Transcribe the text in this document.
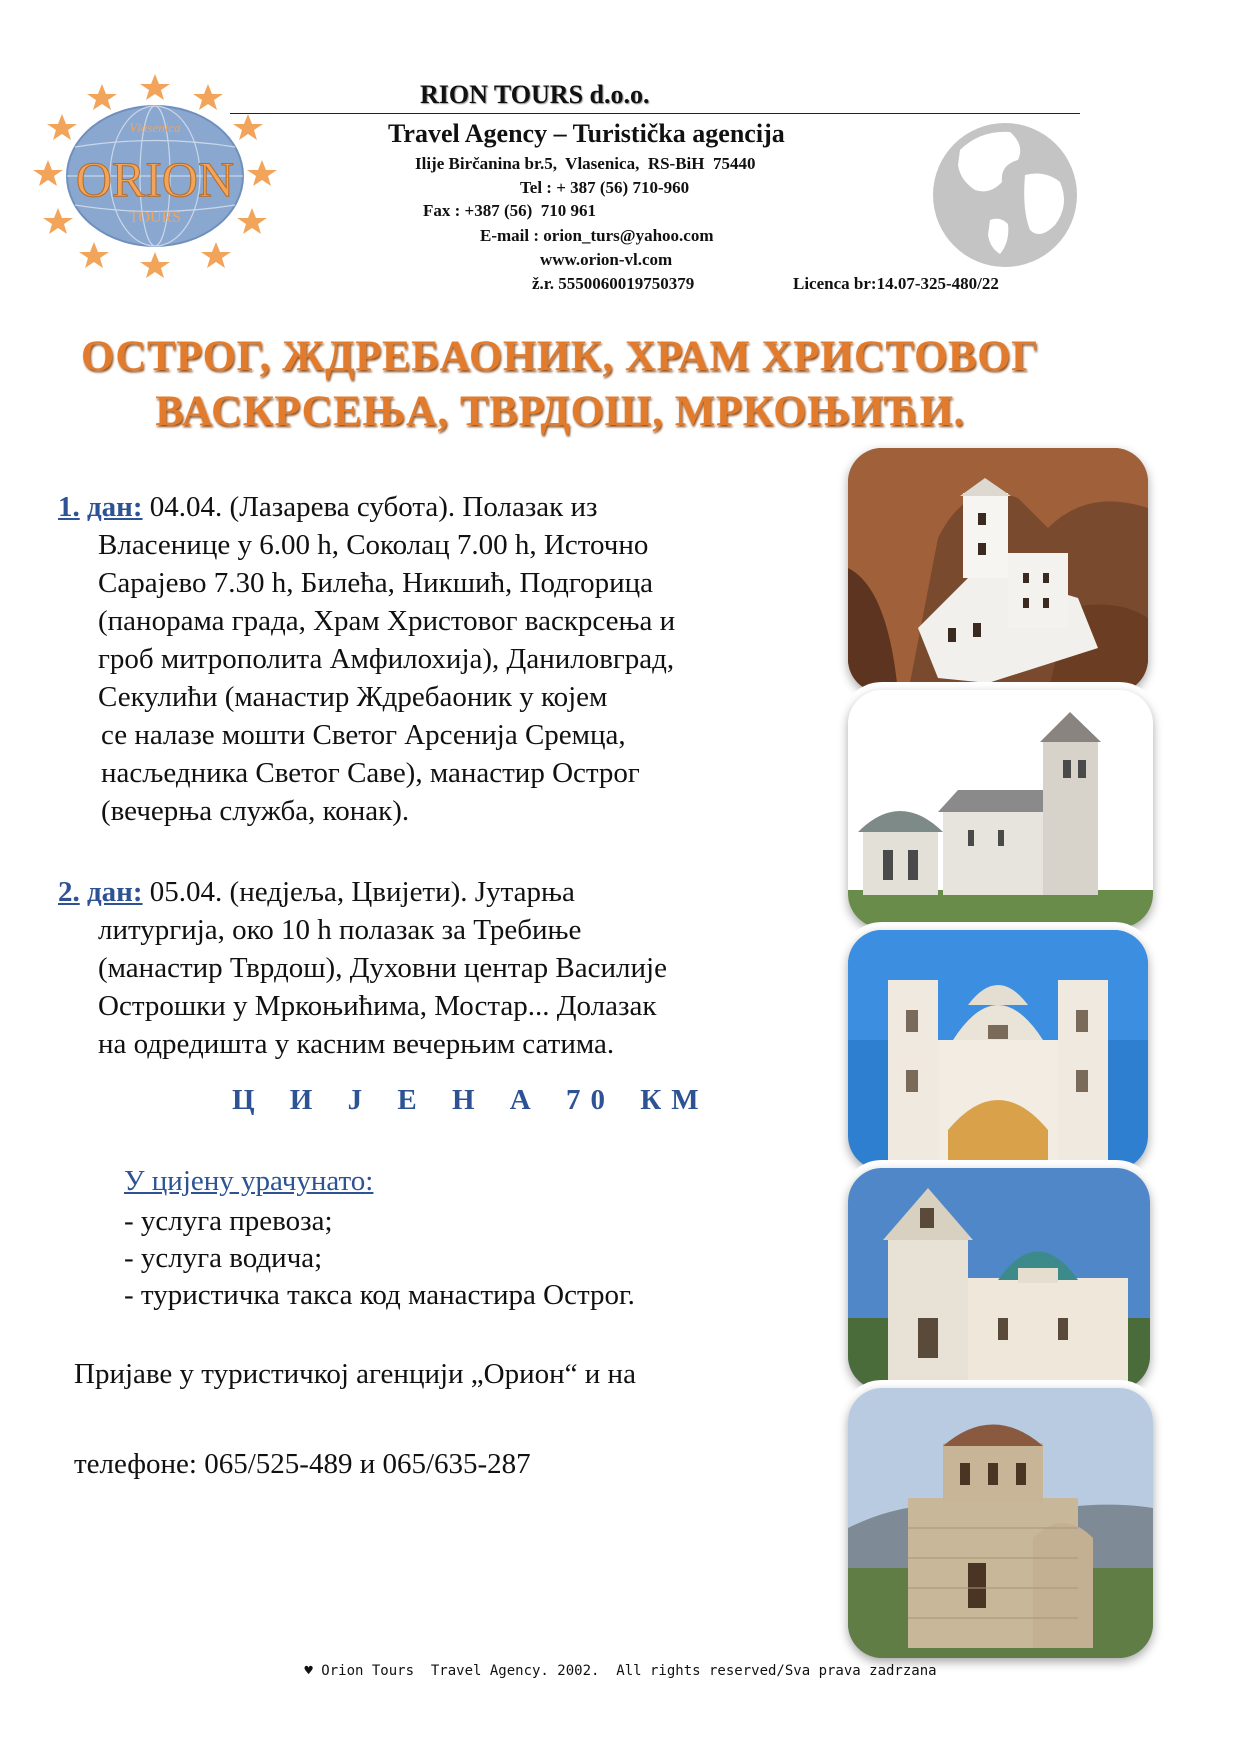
ORION
Vlasenica
TOURS
RION TOURS d.o.o.
Travel Agency – Turistička agencija
Ilije Birčanina br.5,  Vlasenica,  RS-BiH  75440
Tel : + 387 (56) 710-960
Fax : +387 (56)  710 961
E-mail : orion_turs@yahoo.com
www.orion-vl.com
ž.r. 5550060019750379	Licenca br:14.07-325-480/22
ОСТРОГ, ЖДРЕБАОНИК, ХРАМ ХРИСТОВОГ
ВАСКРСЕЊА, ТВРДОШ, МРКОЊИЋИ.
1. дан: 04.04. (Лазарева субота). Полазак из
Власенице у 6.00 h, Соколац 7.00 h, Источно
Сарајево 7.30 h, Билећа, Никшић, Подгорица
(панорама града, Храм Христовог васкрсења и
гроб митрополита Амфилохија), Даниловград,
Секулићи (манастир Ждребаоник у којем
се налазе мошти Светог Арсенија Сремца,
насљедника Светог Саве), манастир Острог
(вечерња служба, конак).
2. дан: 05.04. (недјеља, Цвијети). Јутарња
литургија, око 10 h полазак за Требиње
(манастир Тврдош), Духовни центар Василије
Острошки у Мркоњићима, Мостар... Долазак
на одредишта у касним вечерњим сатима.
Ц И Ј Е Н А 70 КМ
У цијену урачунато:
- услуга превоза;
- услуга водича;
- туристичка такса код манастира Острог.
Пријаве у туристичкој агенцији „Орион“ и на
телефоне: 065/525-489 и 065/635-287
♥ Orion Tours  Travel Agency. 2002.  All rights reserved/Sva prava zadrzana
